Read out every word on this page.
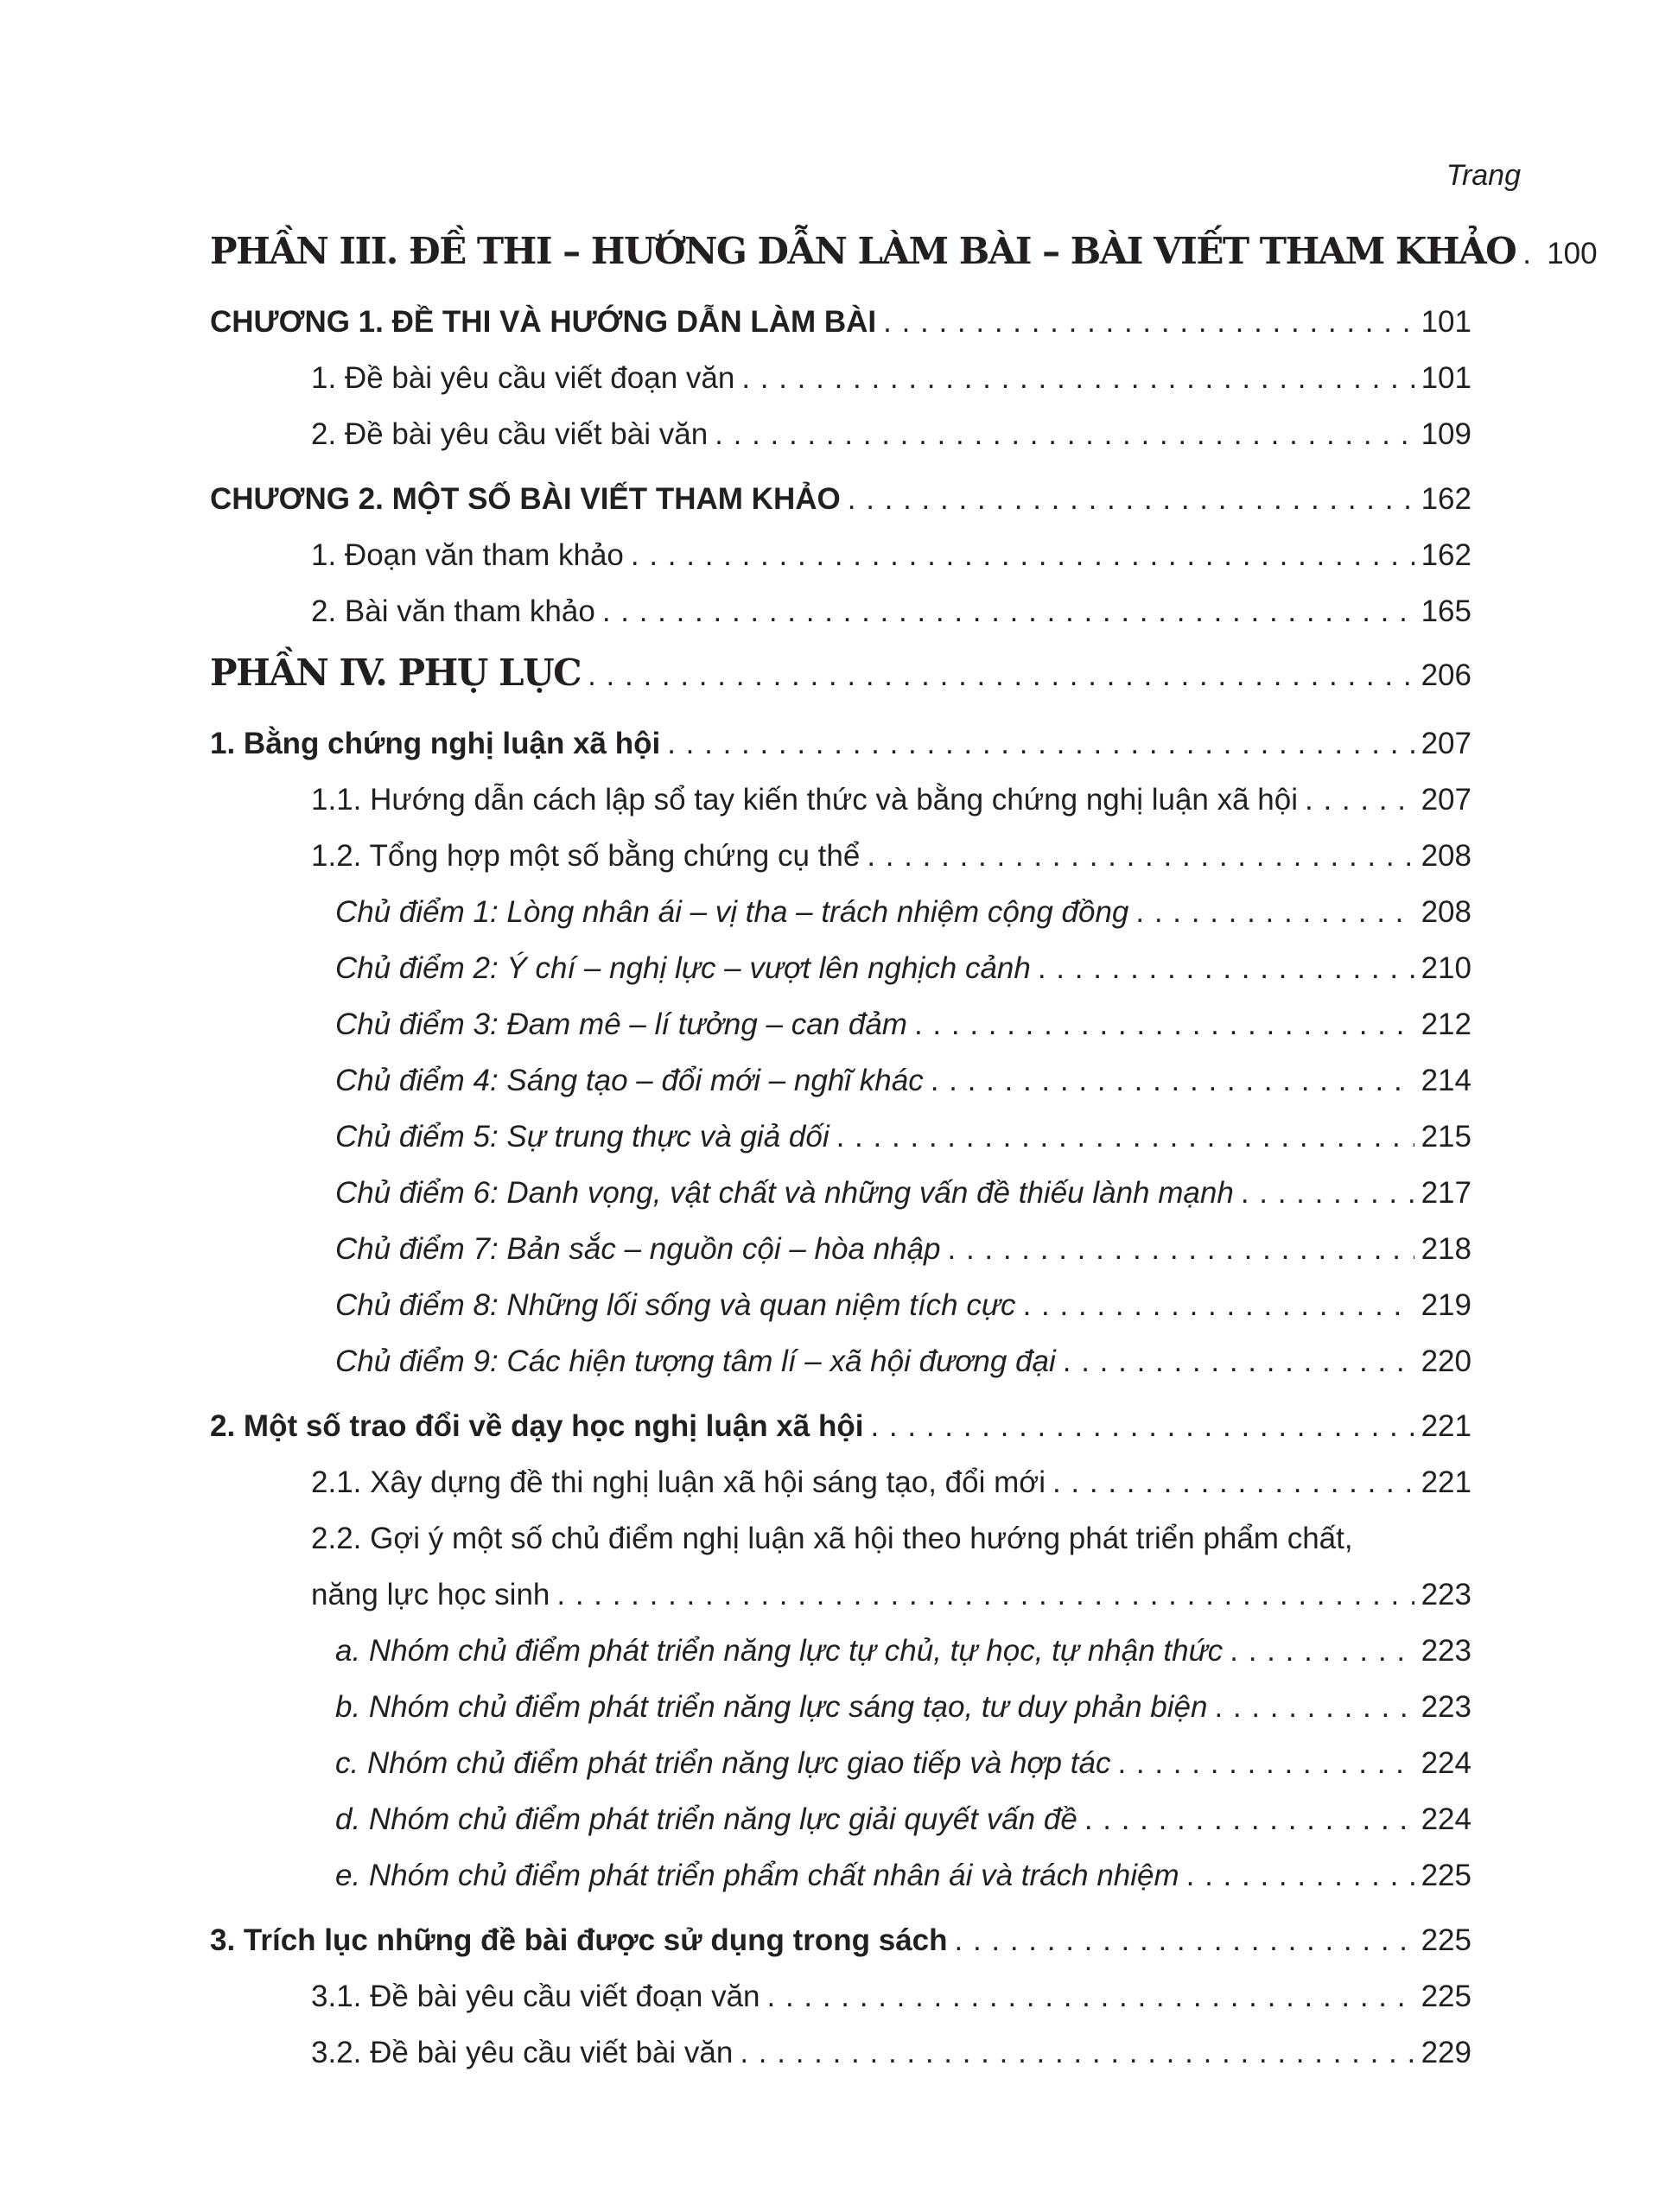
Trang
PHẦN III. ĐỀ THI – HƯỚNG DẪN LÀM BÀI – BÀI VIẾT THAM KHẢO . . . 100
CHƯƠNG 1. ĐỀ THI VÀ HƯỚNG DẪN LÀM BÀI . . .	101
1. Đề bài yêu cầu viết đoạn văn . . .	101
2. Đề bài yêu cầu viết bài văn . . .	109
CHƯƠNG 2. MỘT SỐ BÀI VIẾT THAM KHẢO . . .	162
1. Đoạn văn tham khảo . . .	162
2. Bài văn tham khảo . . .	165
PHẦN IV. PHỤ LỤC . . .	206
1. Bằng chứng nghị luận xã hội . . .	207
1.1. Hướng dẫn cách lập sổ tay kiến thức và bằng chứng nghị luận xã hội . . .	207
1.2. Tổng hợp một số bằng chứng cụ thể . . .	208
Chủ điểm 1: Lòng nhân ái – vị tha – trách nhiệm cộng đồng . . .	208
Chủ điểm 2: Ý chí – nghị lực – vượt lên nghịch cảnh . . .	210
Chủ điểm 3: Đam mê – lí tưởng – can đảm . . .	212
Chủ điểm 4: Sáng tạo – đổi mới – nghĩ khác . . .	214
Chủ điểm 5: Sự trung thực và giả dối . . .	215
Chủ điểm 6: Danh vọng, vật chất và những vấn đề thiếu lành mạnh . . .	217
Chủ điểm 7: Bản sắc – nguồn cội – hòa nhập . . .	218
Chủ điểm 8: Những lối sống và quan niệm tích cực . . .	219
Chủ điểm 9: Các hiện tượng tâm lí – xã hội đương đại . . .	220
2. Một số trao đổi về dạy học nghị luận xã hội . . .	221
2.1. Xây dựng đề thi nghị luận xã hội sáng tạo, đổi mới . . .	221
2.2. Gợi ý một số chủ điểm nghị luận xã hội theo hướng phát triển phẩm chất,
năng lực học sinh . . .	223
a. Nhóm chủ điểm phát triển năng lực tự chủ, tự học, tự nhận thức . . .	223
b. Nhóm chủ điểm phát triển năng lực sáng tạo, tư duy phản biện . . .	223
c. Nhóm chủ điểm phát triển năng lực giao tiếp và hợp tác . . .	224
d. Nhóm chủ điểm phát triển năng lực giải quyết vấn đề . . .	224
e. Nhóm chủ điểm phát triển phẩm chất nhân ái và trách nhiệm . . .	225
3. Trích lục những đề bài được sử dụng trong sách . . .	225
3.1. Đề bài yêu cầu viết đoạn văn . . .	225
3.2. Đề bài yêu cầu viết bài văn . . .	229
